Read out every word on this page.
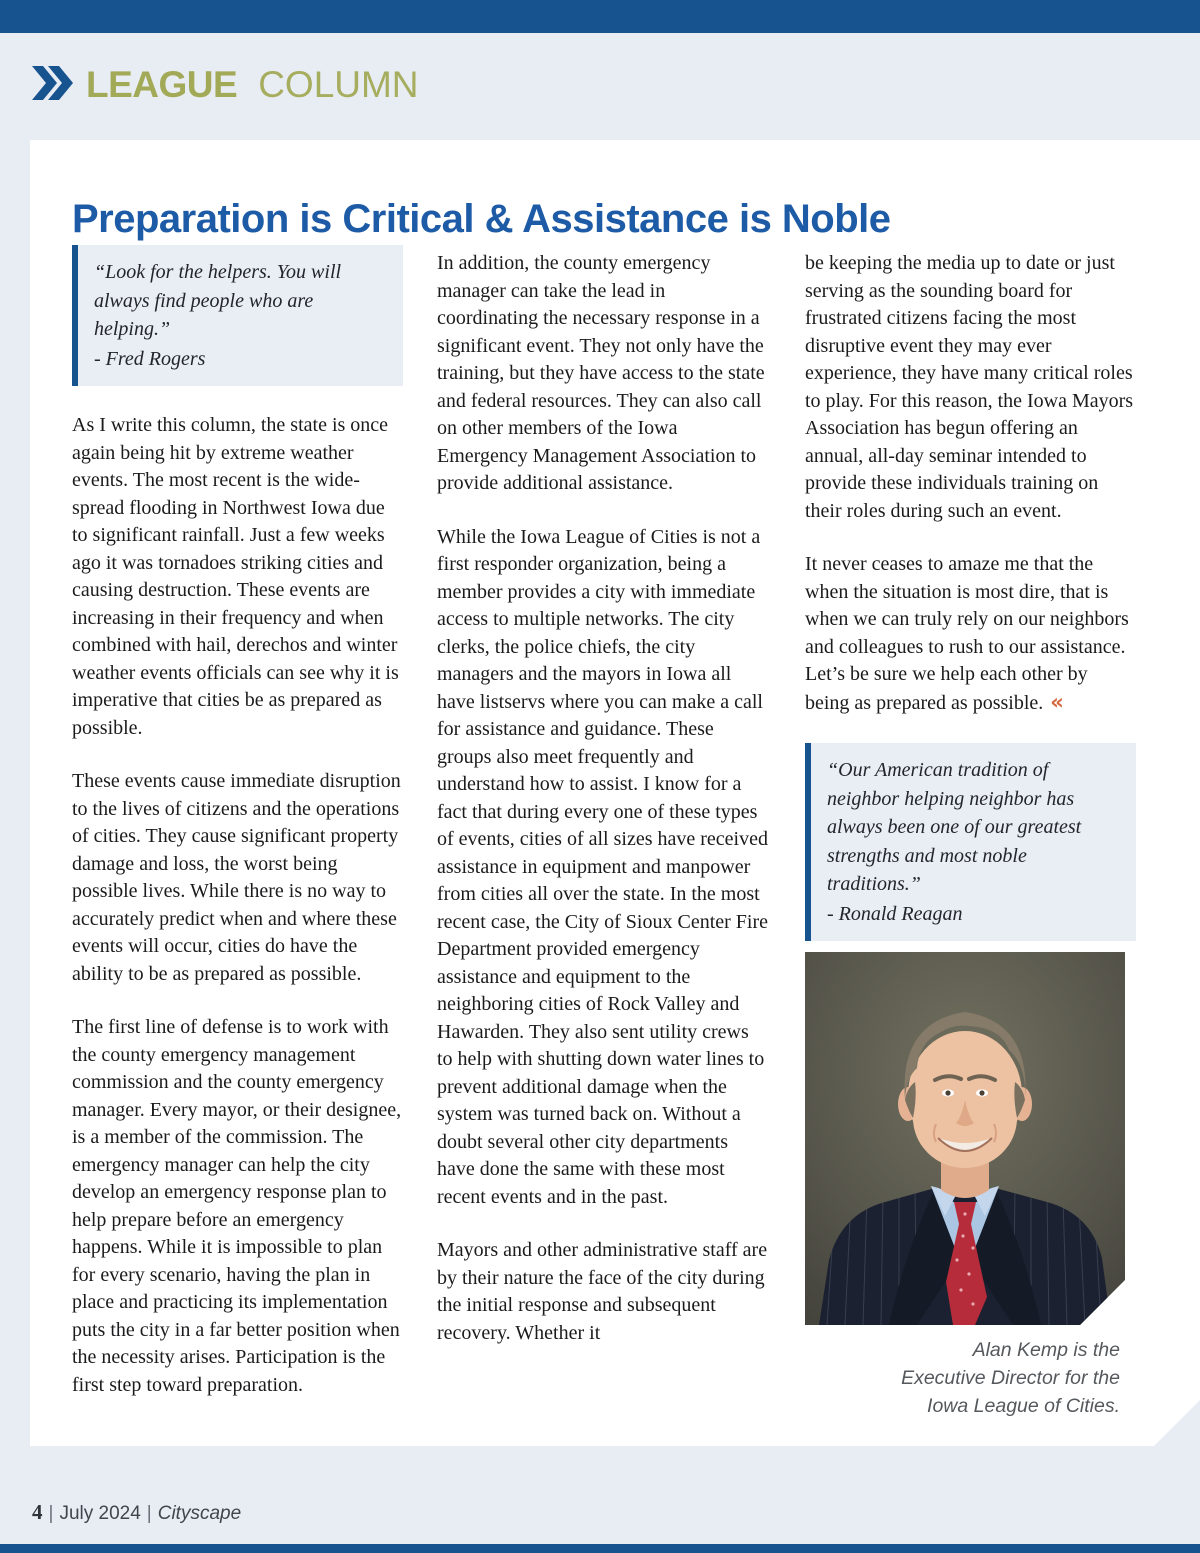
LEAGUE COLUMN
Preparation is Critical & Assistance is Noble
“Look for the helpers. You will always find people who are helping.”
- Fred Rogers

As I write this column, the state is once again being hit by extreme weather events. The most recent is the wide-spread flooding in Northwest Iowa due to significant rainfall. Just a few weeks ago it was tornadoes striking cities and causing destruction. These events are increasing in their frequency and when combined with hail, derechos and winter weather events officials can see why it is imperative that cities be as prepared as possible.

These events cause immediate disruption to the lives of citizens and the operations of cities. They cause significant property damage and loss, the worst being possible lives. While there is no way to accurately predict when and where these events will occur, cities do have the ability to be as prepared as possible.

The first line of defense is to work with the county emergency management commission and the county emergency manager. Every mayor, or their designee, is a member of the commission. The emergency manager can help the city develop an emergency response plan to help prepare before an emergency happens. While it is impossible to plan for every scenario, having the plan in place and practicing its implementation puts the city in a far better position when the necessity arises. Participation is the first step toward preparation.

In addition, the county emergency manager can take the lead in coordinating the necessary response in a significant event. They not only have the training, but they have access to the state and federal resources. They can also call on other members of the Iowa Emergency Management Association to provide additional assistance.

While the Iowa League of Cities is not a first responder organization, being a member provides a city with immediate access to multiple networks. The city clerks, the police chiefs, the city managers and the mayors in Iowa all have listservs where you can make a call for assistance and guidance. These groups also meet frequently and understand how to assist. I know for a fact that during every one of these types of events, cities of all sizes have received assistance in equipment and manpower from cities all over the state. In the most recent case, the City of Sioux Center Fire Department provided emergency assistance and equipment to the neighboring cities of Rock Valley and Hawarden. They also sent utility crews to help with shutting down water lines to prevent additional damage when the system was turned back on. Without a doubt several other city departments have done the same with these most recent events and in the past.

Mayors and other administrative staff are by their nature the face of the city during the initial response and subsequent recovery. Whether it

be keeping the media up to date or just serving as the sounding board for frustrated citizens facing the most disruptive event they may ever experience, they have many critical roles to play. For this reason, the Iowa Mayors Association has begun offering an annual, all-day seminar intended to provide these individuals training on their roles during such an event.

It never ceases to amaze me that the when the situation is most dire, that is when we can truly rely on our neighbors and colleagues to rush to our assistance. Let’s be sure we help each other by being as prepared as possible. «

“Our American tradition of neighbor helping neighbor has always been one of our greatest strengths and most noble traditions.”
- Ronald Reagan
Alan Kemp is the
Executive Director for the
Iowa League of Cities.
4 | July 2024 | Cityscape
